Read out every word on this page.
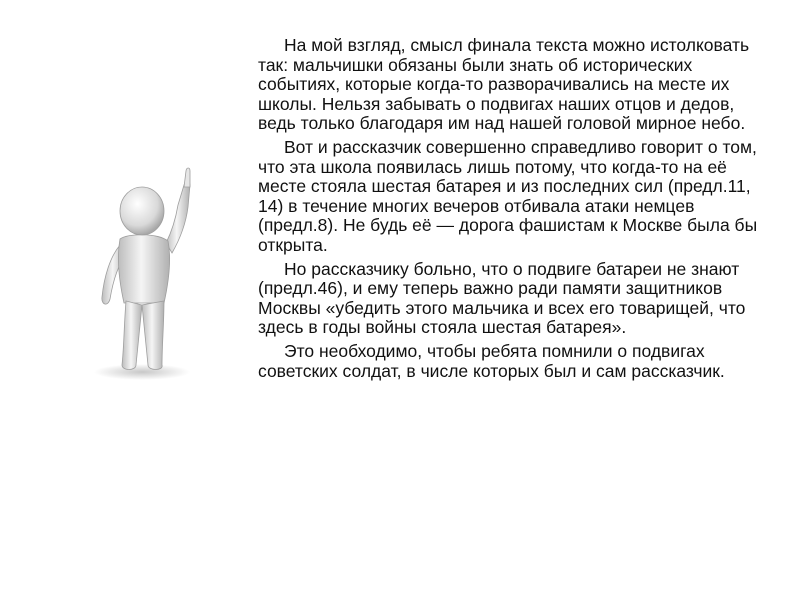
На мой взгляд, смысл финала текста можно истолковать так: мальчишки обязаны были знать об исторических событиях, которые когда-то разворачивались на месте их школы. Нельзя забывать о подвигах наших отцов и дедов, ведь только благодаря им над нашей головой мирное небо.

Вот и рассказчик совершенно справедливо говорит о том, что эта школа появилась лишь потому, что когда-то на её месте стояла шестая батарея и из последних сил (предл.11, 14) в течение многих вечеров отбивала атаки немцев (предл.8). Не будь её — дорога фашистам к Москве была бы открыта.

Но рассказчику больно, что о подвиге батареи не знают (предл.46), и ему теперь важно ради памяти защитников Москвы «убедить этого мальчика и всех его товарищей, что здесь в годы войны стояла шестая батарея».

Это необходимо, чтобы ребята помнили о подвигах советских солдат, в числе которых был и сам рассказчик.
